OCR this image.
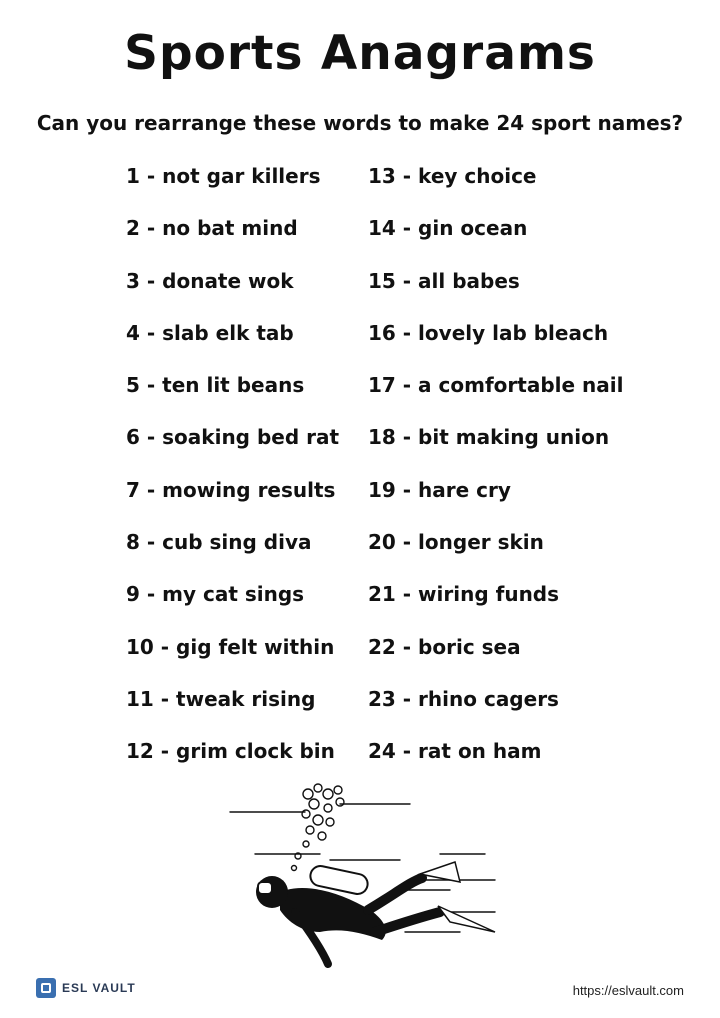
Sports Anagrams
Can you rearrange these words to make 24 sport names?
1 - not gar killers
2 - no bat mind
3 - donate wok
4 - slab elk tab
5 - ten lit beans
6 - soaking bed rat
7 - mowing results
8 - cub sing diva
9 - my cat sings
10 - gig felt within
11 - tweak rising
12 - grim clock bin
13 - key choice
14 - gin ocean
15 - all babes
16 - lovely lab bleach
17 - a comfortable nail
18 - bit making union
19 - hare cry
20 - longer skin
21 - wiring funds
22 - boric sea
23 - rhino cagers
24 - rat on ham
ESL VAULT	https://eslvault.com
